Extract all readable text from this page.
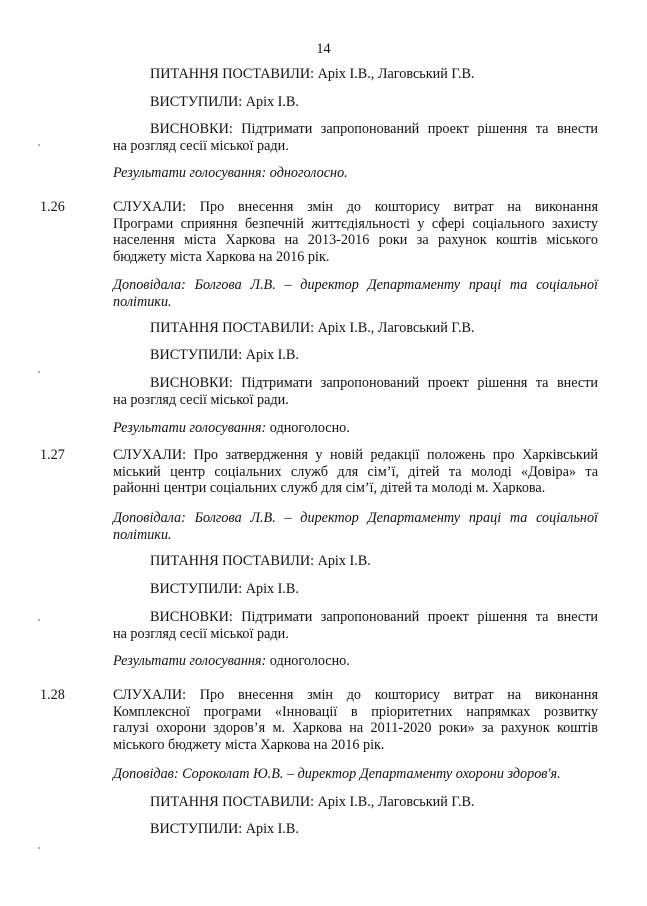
14
ПИТАННЯ ПОСТАВИЛИ: Аріх І.В., Лаговський Г.В.
ВИСТУПИЛИ: Аріх І.В.
ВИСНОВКИ: Підтримати запропонований проект рішення та внести
на розгляд сесії міської ради.
Результати голосування: одноголосно.
1.26	СЛУХАЛИ: Про внесення змін до кошторису витрат на виконання
Програми сприяння безпечній життєдіяльності у сфері соціального захисту
населення міста Харкова на 2013-2016 роки за рахунок коштів міського
бюджету міста Харкова на 2016 рік.
Доповідала: Болгова Л.В. – директор Департаменту праці та соціальної
політики.
ПИТАННЯ ПОСТАВИЛИ: Аріх І.В., Лаговський Г.В.
ВИСТУПИЛИ: Аріх І.В.
ВИСНОВКИ: Підтримати запропонований проект рішення та внести
на розгляд сесії міської ради.
Результати голосування: одноголосно.
1.27	СЛУХАЛИ: Про затвердження у новій редакції положень про Харківський
міський центр соціальних служб для сім’ї, дітей та молоді «Довіра» та
районні центри соціальних служб для сім’ї, дітей та молоді м. Харкова.
Доповідала: Болгова Л.В. – директор Департаменту праці та соціальної
політики.
ПИТАННЯ ПОСТАВИЛИ: Аріх І.В.
ВИСТУПИЛИ: Аріх І.В.
ВИСНОВКИ: Підтримати запропонований проект рішення та внести
на розгляд сесії міської ради.
Результати голосування: одноголосно.
1.28	СЛУХАЛИ: Про внесення змін до кошторису витрат на виконання
Комплексної програми «Інновації в пріоритетних напрямках розвитку
галузі охорони здоров’я м. Харкова на 2011-2020 роки» за рахунок коштів
міського бюджету міста Харкова на 2016 рік.
Доповідав: Сороколат Ю.В. – директор Департаменту охорони здоров'я.
ПИТАННЯ ПОСТАВИЛИ: Аріх І.В., Лаговський Г.В.
ВИСТУПИЛИ: Аріх І.В.
